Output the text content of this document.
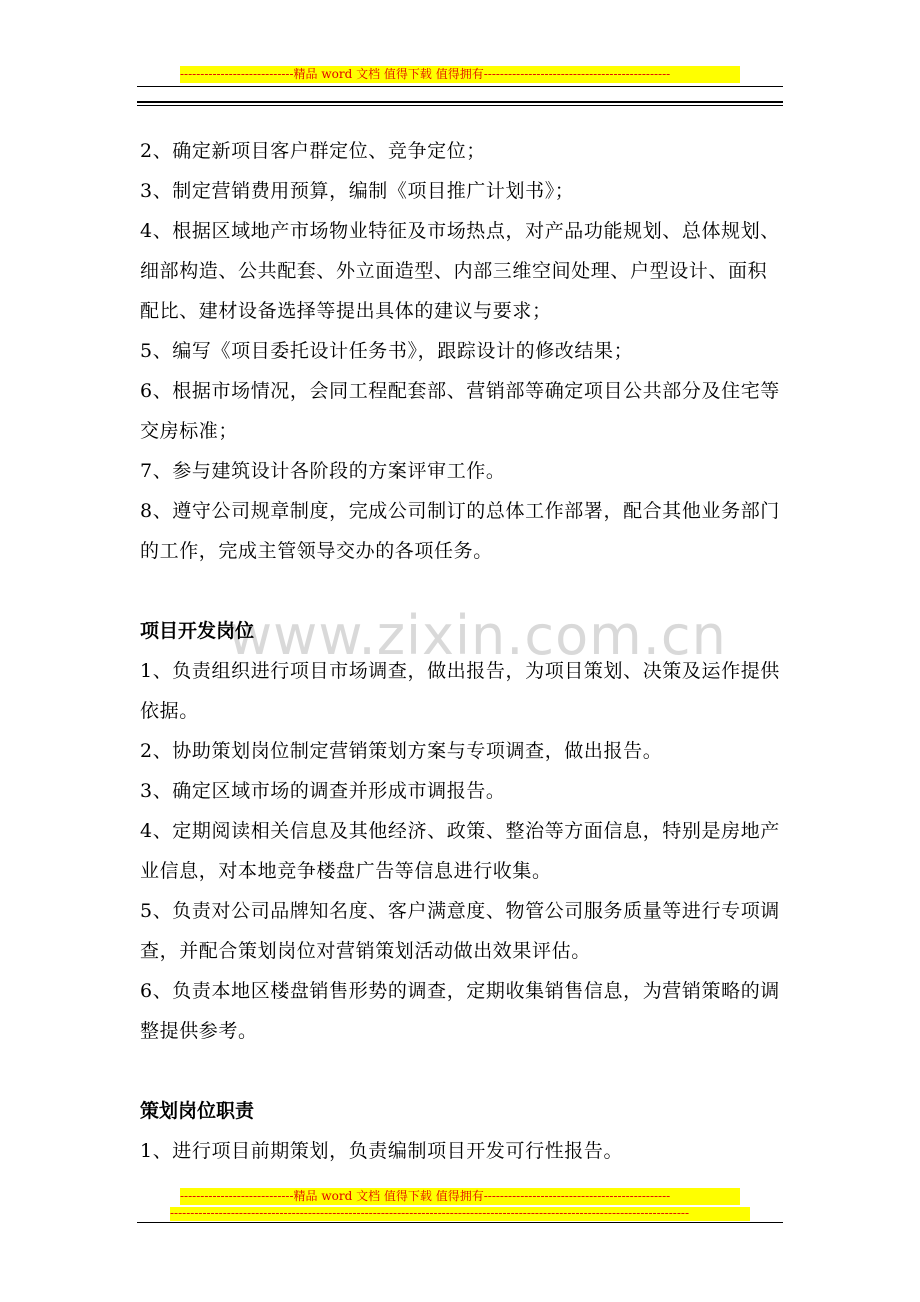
----------------------------精品 word 文档 值得下载 值得拥有----------------------------------------------
www.zixin.com.cn

2、确定新项目客户群定位、竞争定位；

3、制定营销费用预算，编制《项目推广计划书》；

4、根据区域地产市场物业特征及市场热点，对产品功能规划、总体规划、细部构造、公共配套、外立面造型、内部三维空间处理、户型设计、面积配比、建材设备选择等提出具体的建议与要求；

5、编写《项目委托设计任务书》，跟踪设计的修改结果；

6、根据市场情况，会同工程配套部、营销部等确定项目公共部分及住宅等交房标准；

7、参与建筑设计各阶段的方案评审工作。

8、遵守公司规章制度，完成公司制订的总体工作部署，配合其他业务部门的工作，完成主管领导交办的各项任务。

项目开发岗位

1、负责组织进行项目市场调查，做出报告，为项目策划、决策及运作提供依据。

2、协助策划岗位制定营销策划方案与专项调查，做出报告。

3、确定区域市场的调查并形成市调报告。

4、定期阅读相关信息及其他经济、政策、整治等方面信息，特别是房地产业信息，对本地竞争楼盘广告等信息进行收集。

5、负责对公司品牌知名度、客户满意度、物管公司服务质量等进行专项调查，并配合策划岗位对营销策划活动做出效果评估。

6、负责本地区楼盘销售形势的调查，定期收集销售信息，为营销策略的调整提供参考。

策划岗位职责

1、进行项目前期策划，负责编制项目开发可行性报告。

----------------------------精品 word 文档 值得下载 值得拥有----------------------------------------------
--------------------------------------------------------------------------------------------------------------------------------
